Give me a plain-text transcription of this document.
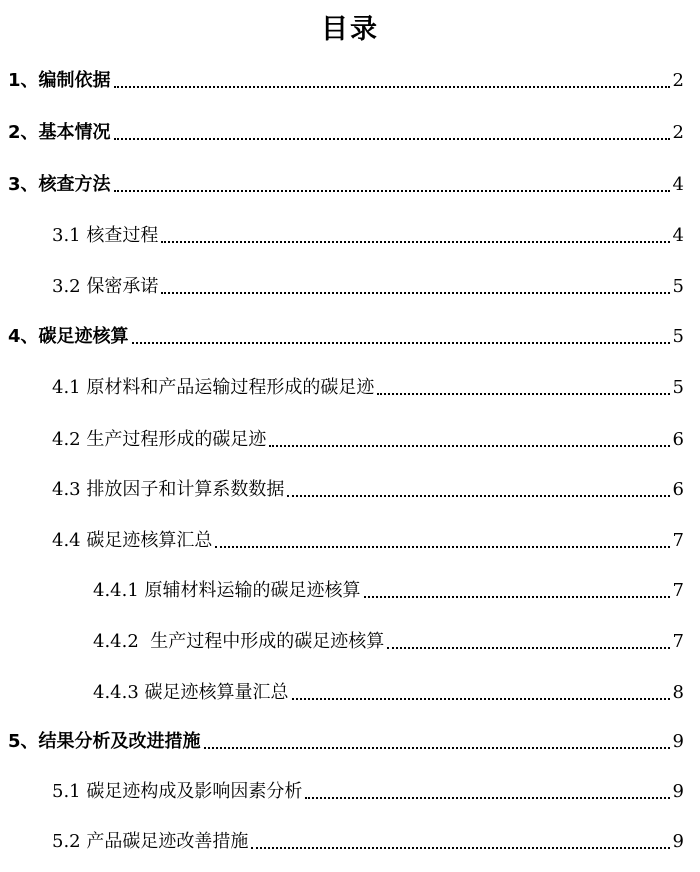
目录
1、编制依据	2
2、基本情况	2
3、核查方法	4
3.1 核查过程	4
3.2 保密承诺	5
4、碳足迹核算	5
4.1 原材料和产品运输过程形成的碳足迹	5
4.2 生产过程形成的碳足迹	6
4.3 排放因子和计算系数数据	6
4.4 碳足迹核算汇总	7
4.4.1 原辅材料运输的碳足迹核算	7
4.4.2  生产过程中形成的碳足迹核算	7
4.4.3 碳足迹核算量汇总	8
5、结果分析及改进措施	9
5.1 碳足迹构成及影响因素分析	9
5.2 产品碳足迹改善措施	9
